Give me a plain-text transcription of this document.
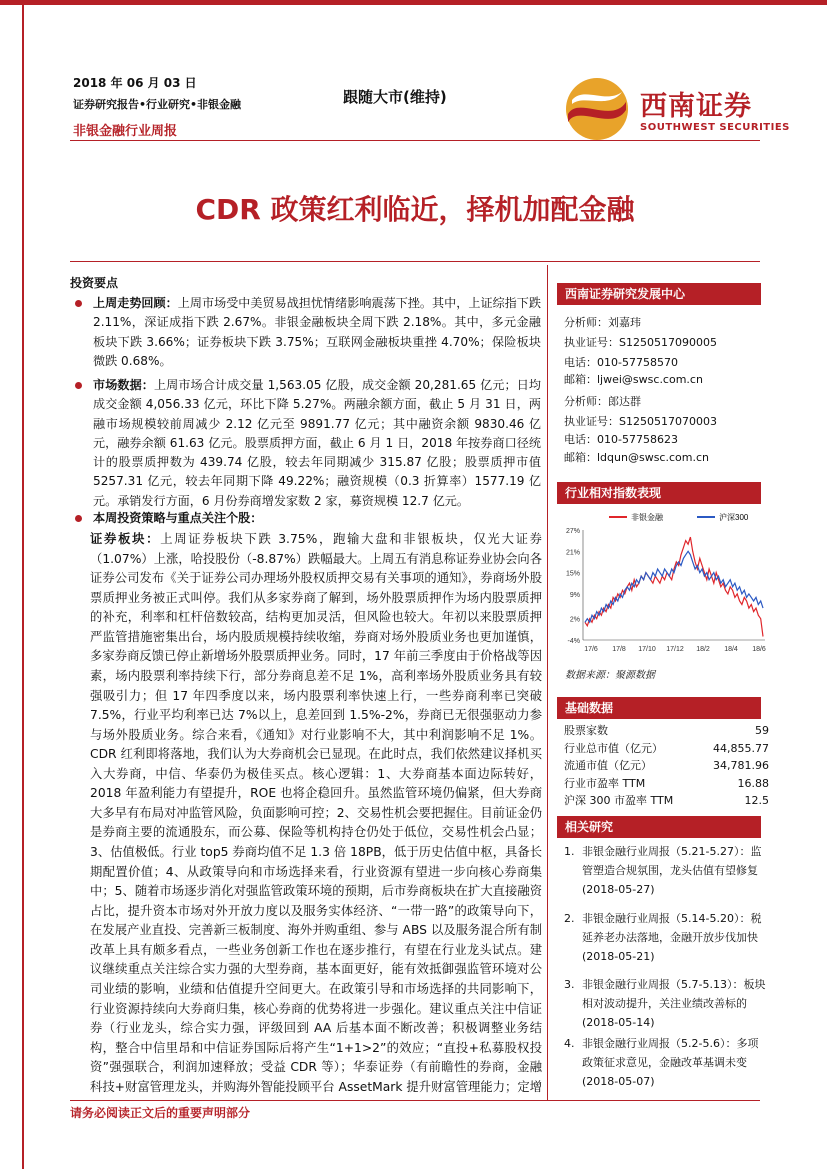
2018 年 06 月 03 日
证券研究报告•行业研究•非银金融
非银金融行业周报
跟随大市(维持)	西南证券
SOUTHWEST SECURITIES
CDR 政策红利临近，择机加配金融
投资要点
上周走势回顾：上周市场受中美贸易战担忧情绪影响震荡下挫。其中，上证综指下跌 2.11%，深证成指下跌 2.67%。非银金融板块全周下跌 2.18%。其中，多元金融板块下跌 3.66%；证券板块下跌 3.75%；互联网金融板块重挫 4.70%；保险板块微跌 0.68%。
市场数据：上周市场合计成交量 1,563.05 亿股，成交金额 20,281.65 亿元；日均成交金额 4,056.33 亿元，环比下降 5.27%。两融余额方面，截止 5 月 31 日，两融市场规模较前周减少 2.12 亿元至 9891.77 亿元；其中融资余额 9830.46 亿元，融券余额 61.63 亿元。股票质押方面，截止 6 月 1 日，2018 年按券商口径统计的股票质押数为 439.74 亿股，较去年同期减少 315.87 亿股；股票质押市值 5257.31 亿元，较去年同期下降 49.22%；融资规模（0.3 折算率）1577.19 亿元。承销发行方面，6 月份券商增发家数 2 家，募资规模 12.7 亿元。
本周投资策略与重点关注个股：
证券板块：上周证券板块下跌 3.75%，跑输大盘和非银板块，仅光大证券（1.07%）上涨，哈投股份（-8.87%）跌幅最大。上周五有消息称证券业协会向各证券公司发布《关于证券公司办理场外股权质押交易有关事项的通知》，券商场外股票质押业务被正式叫停。我们从多家券商了解到，场外股票质押作为场内股票质押的补充，利率和杠杆倍数较高，结构更加灵活，但风险也较大。年初以来股票质押严监管措施密集出台，场内股质规模持续收缩，券商对场外股质业务也更加谨慎，多家券商反馈已停止新增场外股票质押业务。同时，17 年前三季度由于价格战等因素，场内股票利率持续下行，部分券商息差不足 1%，高利率场外股质业务具有较强吸引力；但 17 年四季度以来，场内股票利率快速上行，一些券商利率已突破 7.5%，行业平均利率已达 7%以上，息差回到 1.5%-2%，券商已无很强驱动力参与场外股质业务。综合来看，《通知》对行业影响不大，其中利润影响不足 1%。CDR 红利即将落地，我们认为大券商机会已显现。在此时点，我们依然建议择机买入大券商，中信、华泰仍为极佳买点。核心逻辑：1、大券商基本面边际转好，2018 年盈利能力有望提升，ROE 也将企稳回升。虽然监管环境仍偏紧，但大券商大多早有布局对冲监管风险，负面影响可控；2、交易性机会要把握住。目前证金仍是券商主要的流通股东，而公募、保险等机构持仓仍处于低位，交易性机会凸显；3、估值极低。行业 top5 券商均值不足 1.3 倍 18PB，低于历史估值中枢，具备长期配置价值；4、从政策导向和市场选择来看，行业资源有望进一步向核心券商集中；5、随着市场逐步消化对强监管政策环境的预期，后市券商板块在扩大直接融资占比，提升资本市场对外开放力度以及服务实体经济、“一带一路”的政策导向下，在发展产业直投、完善新三板制度、海外并购重组、参与 ABS 以及服务混合所有制改革上具有颇多看点，一些业务创新工作也在逐步推行，有望在行业龙头试点。建议继续重点关注综合实力强的大型券商，基本面更好，能有效抵御强监管环境对公司业绩的影响，业绩和估值提升空间更大。在政策引导和市场选择的共同影响下，行业资源持续向大券商归集，核心券商的优势将进一步强化。建议重点关注中信证券（行业龙头，综合实力强，评级回到 AA 后基本面不断改善；积极调整业务结构，整合中信里昂和中信证券国际后将产生“1+1>2”的效应；“直投+私募股权投资”强强联合，利润加速释放；受益 CDR 等）；华泰证券（有前瞻性的券商，金融科技+财富管理龙头，并购海外智能投顾平台 AssetMark 提升财富管理能力；定增
西南证券研究发展中心
分析师：刘嘉玮
执业证号：S1250517090005
电话：010-57758570
邮箱：ljwei@swsc.com.cn
分析师：郎达群
执业证号：S1250517070003
电话：010-57758623
邮箱：ldqun@swsc.com.cn
行业相对指数表现
非银金融	沪深300
27%
21%
15%
9%
2%
-4%
17/6 17/8 17/10 17/12 18/2 18/4 18/6
数据来源：聚源数据
基础数据
股票家数	59
行业总市值（亿元）	44,855.77
流通市值（亿元）	34,781.96
行业市盈率 TTM	16.88
沪深 300 市盈率 TTM	12.5
相关研究
1. 非银金融行业周报（5.21-5.27）：监管塑造合规氛围，龙头估值有望修复
(2018-05-27)
2. 非银金融行业周报（5.14-5.20）：税延养老办法落地，金融开放步伐加快
(2018-05-21)
3. 非银金融行业周报（5.7-5.13）：板块相对波动提升，关注业绩改善标的
(2018-05-14)
4. 非银金融行业周报（5.2-5.6）：多项政策征求意见，金融改革基调未变
(2018-05-07)
请务必阅读正文后的重要声明部分
